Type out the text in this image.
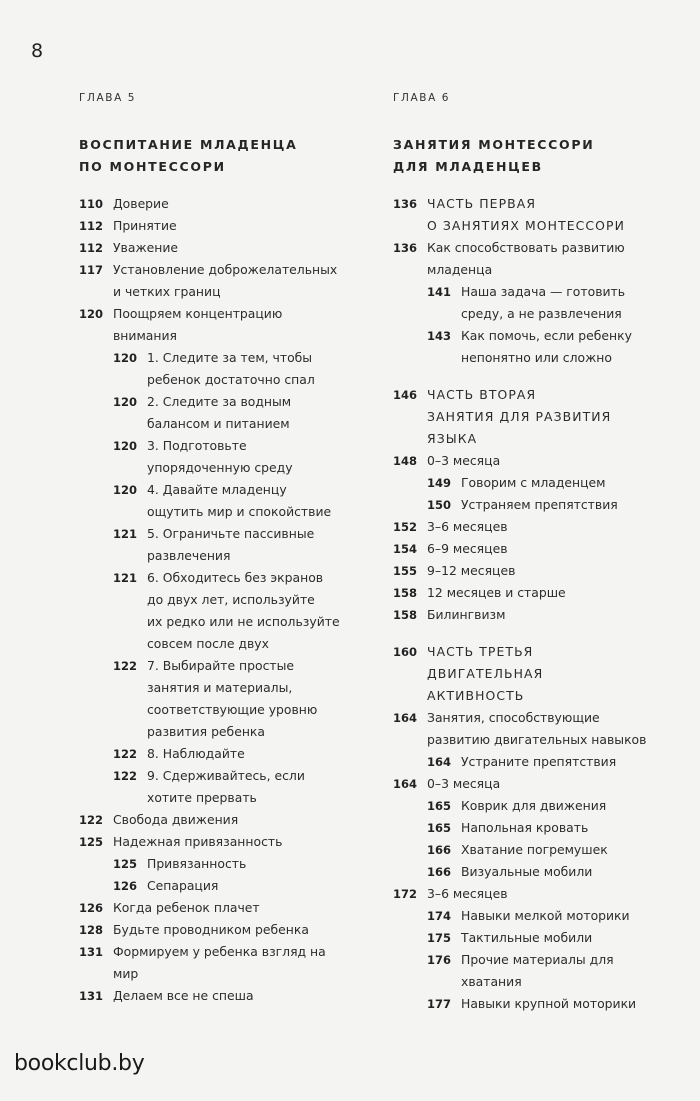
8
ГЛАВА 5
ВОСПИТАНИЕ МЛАДЕНЦА
ПО МОНТЕССОРИ
110 Доверие
112 Принятие
112 Уважение
117 Установление доброжелательных
и четких границ
120 Поощряем концентрацию
внимания
120 1. Следите за тем, чтобы
ребенок достаточно спал
120 2. Следите за водным
балансом и питанием
120 3. Подготовьте
упорядоченную среду
120 4. Давайте младенцу
ощутить мир и спокойствие
121 5. Ограничьте пассивные
развлечения
121 6. Обходитесь без экранов
до двух лет, используйте
их редко или не используйте
совсем после двух
122 7. Выбирайте простые
занятия и материалы,
соответствующие уровню
развития ребенка
122 8. Наблюдайте
122 9. Сдерживайтесь, если
хотите прервать
122 Свобода движения
125 Надежная привязанность
125 Привязанность
126 Сепарация
126 Когда ребенок плачет
128 Будьте проводником ребенка
131 Формируем у ребенка взгляд на
мир
131 Делаем все не спеша
ГЛАВА 6
ЗАНЯТИЯ МОНТЕССОРИ
ДЛЯ МЛАДЕНЦЕВ
136 ЧАСТЬ ПЕРВАЯ
О ЗАНЯТИЯХ МОНТЕССОРИ
136 Как способствовать развитию
младенца
141 Наша задача — готовить
среду, а не развлечения
143 Как помочь, если ребенку
непонятно или сложно
146 ЧАСТЬ ВТОРАЯ
ЗАНЯТИЯ ДЛЯ РАЗВИТИЯ
ЯЗЫКА
148 0–3 месяца
149 Говорим с младенцем
150 Устраняем препятствия
152 3–6 месяцев
154 6–9 месяцев
155 9–12 месяцев
158 12 месяцев и старше
158 Билингвизм
160 ЧАСТЬ ТРЕТЬЯ
ДВИГАТЕЛЬНАЯ
АКТИВНОСТЬ
164 Занятия, способствующие
развитию двигательных навыков
164 Устраните препятствия
164 0–3 месяца
165 Коврик для движения
165 Напольная кровать
166 Хватание погремушек
166 Визуальные мобили
172 3–6 месяцев
174 Навыки мелкой моторики
175 Тактильные мобили
176 Прочие материалы для
хватания
177 Навыки крупной моторики
bookclub.by
